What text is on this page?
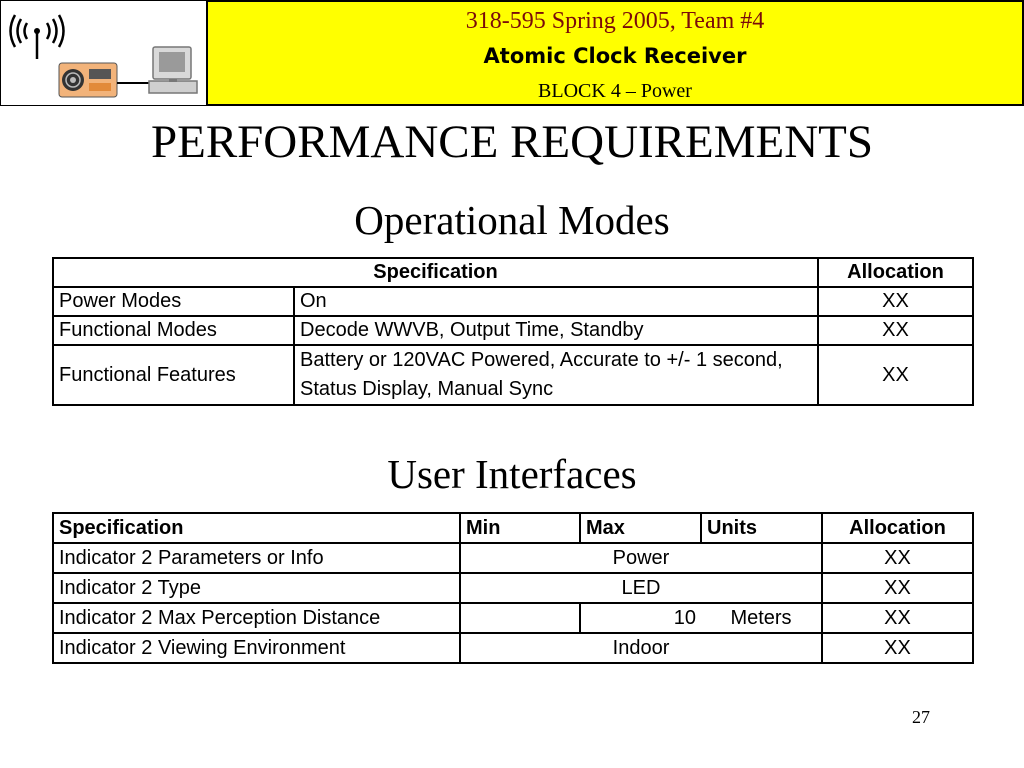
318-595 Spring 2005, Team #4
Atomic Clock Receiver
BLOCK 4 – Power
PERFORMANCE REQUIREMENTS
Operational Modes
Specification		Allocation
Power Modes	On	XX
Functional Modes	Decode WWVB, Output Time, Standby	XX
Functional Features	Battery or 120VAC Powered, Accurate to +/- 1 second, Status Display, Manual Sync	XX
User Interfaces
Specification	Min	Max	Units	Allocation
Indicator 2 Parameters or Info	Power			XX
Indicator 2 Type	LED			XX
Indicator 2 Max Perception Distance		10	Meters	XX
Indicator 2 Viewing Environment	Indoor			XX
27
